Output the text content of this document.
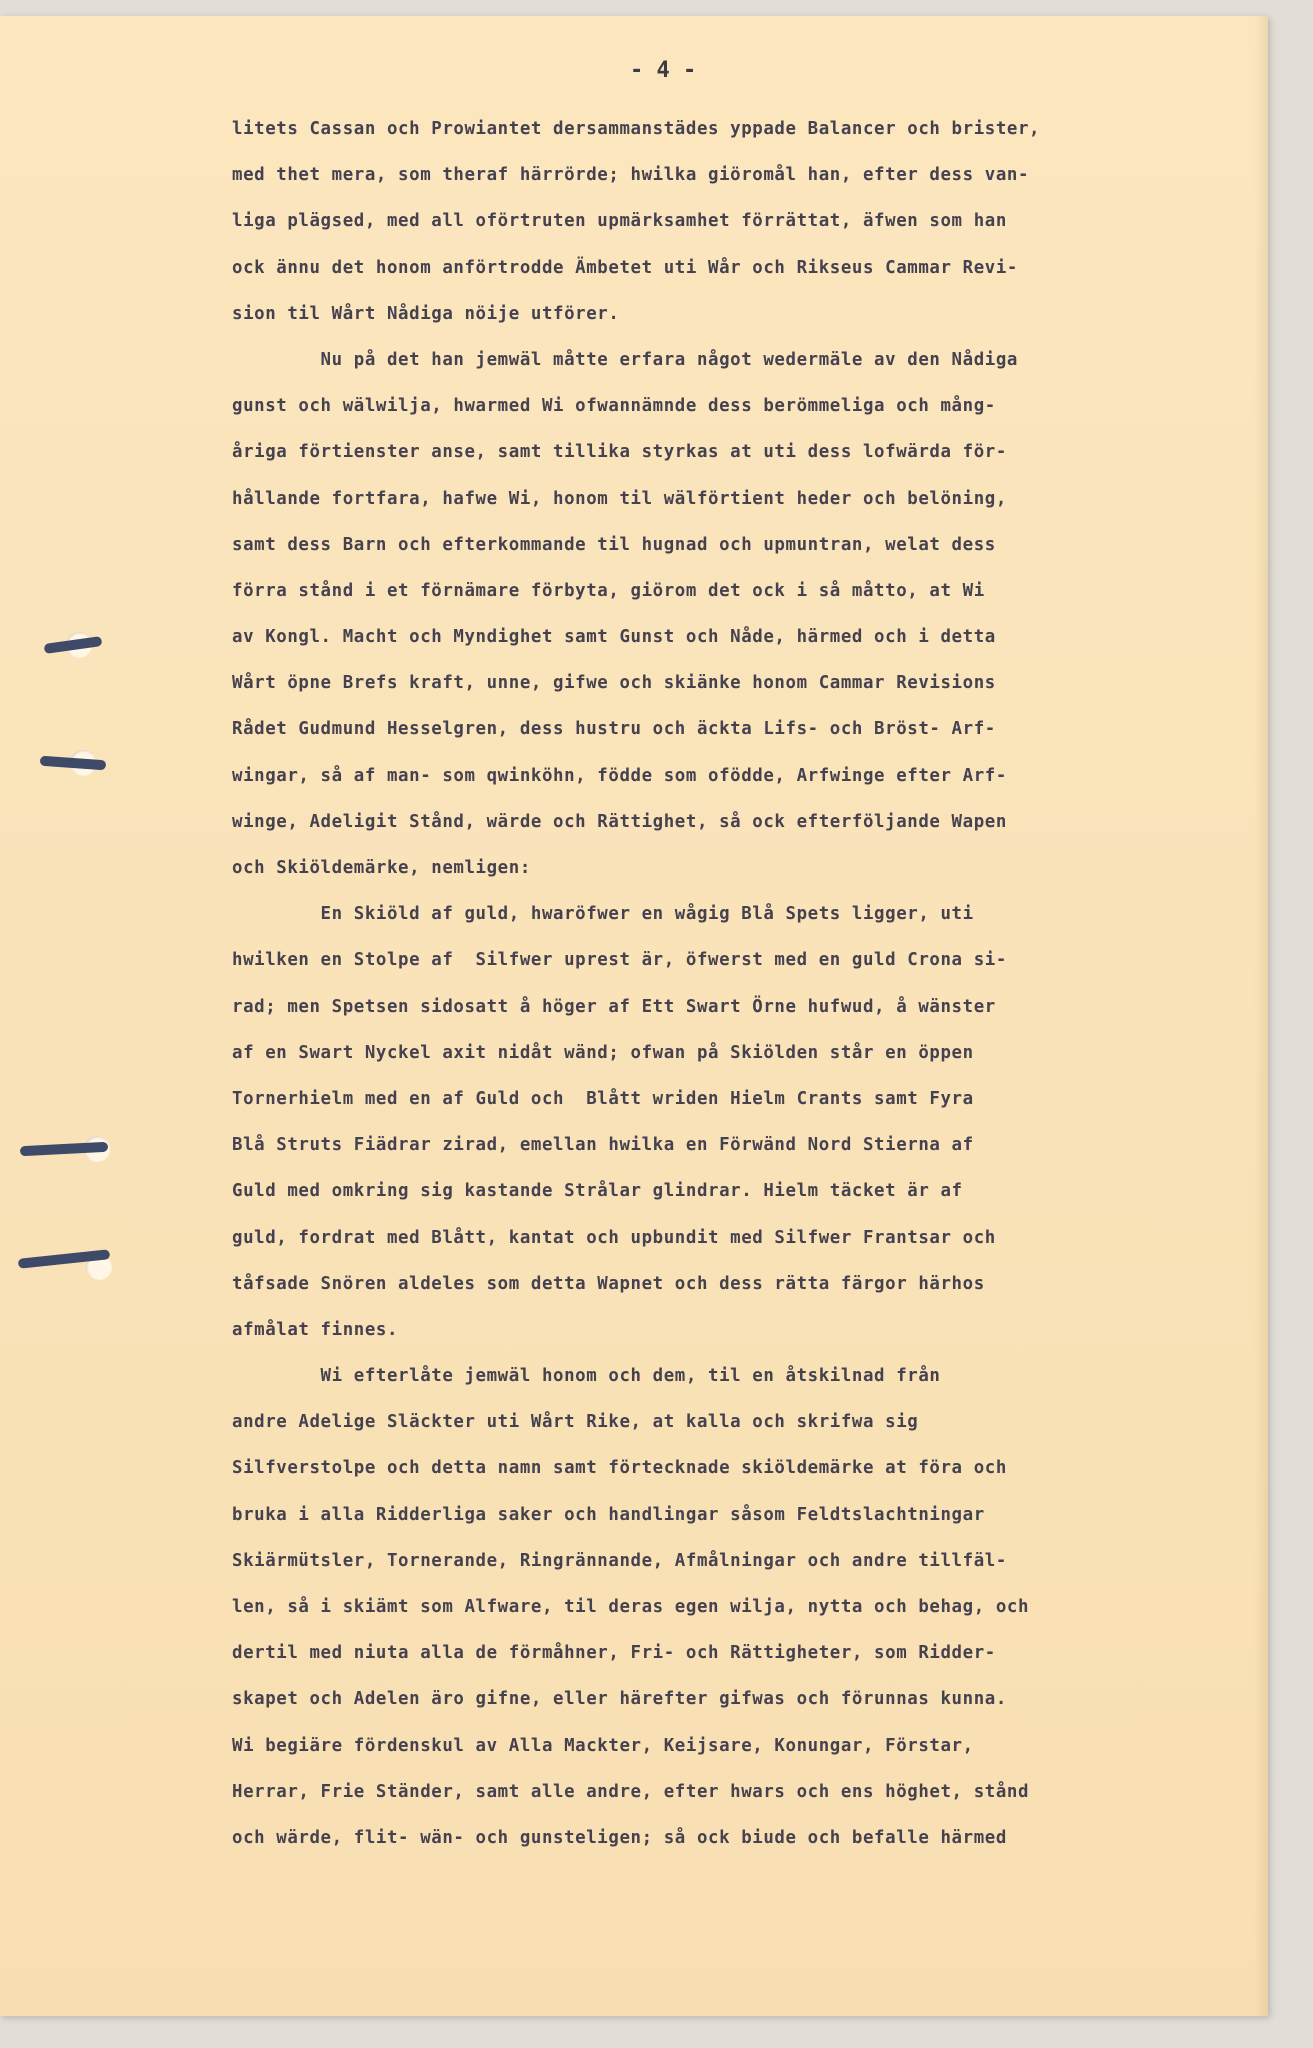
- 4 -
litets Cassan och Prowiantet dersammanstädes yppade Balancer och brister,
med thet mera, som theraf härrörde; hwilka giöromål han, efter dess van-
liga plägsed, med all oförtruten upmärksamhet förrättat, äfwen som han
ock ännu det honom anförtrodde Ämbetet uti Wår och Rikseus Cammar Revi-
sion til Wårt Nådiga nöije utförer.
Nu på det han jemwäl måtte erfara något wedermäle av den Nådiga
gunst och wälwilja, hwarmed Wi ofwannämnde dess berömmeliga och mång-
åriga förtienster anse, samt tillika styrkas at uti dess lofwärda för-
hållande fortfara, hafwe Wi, honom til wälförtient heder och belöning,
samt dess Barn och efterkommande til hugnad och upmuntran, welat dess
förra stånd i et förnämare förbyta, giörom det ock i så måtto, at Wi
av Kongl. Macht och Myndighet samt Gunst och Nåde, härmed och i detta
Wårt öpne Brefs kraft, unne, gifwe och skiänke honom Cammar Revisions
Rådet Gudmund Hesselgren, dess hustru och äckta Lifs- och Bröst- Arf-
wingar, så af man- som qwinköhn, födde som ofödde, Arfwinge efter Arf-
winge, Adeligit Stånd, wärde och Rättighet, så ock efterföljande Wapen
och Skiöldemärke, nemligen:
En Skiöld af guld, hwaröfwer en wågig Blå Spets ligger, uti
hwilken en Stolpe af  Silfwer uprest är, öfwerst med en guld Crona si-
rad; men Spetsen sidosatt å höger af Ett Swart Örne hufwud, å wänster
af en Swart Nyckel axit nidåt wänd; ofwan på Skiölden står en öppen
Tornerhielm med en af Guld och  Blått wriden Hielm Crants samt Fyra
Blå Struts Fiädrar zirad, emellan hwilka en Förwänd Nord Stierna af
Guld med omkring sig kastande Strålar glindrar. Hielm täcket är af
guld, fordrat med Blått, kantat och upbundit med Silfwer Frantsar och
tåfsade Snören aldeles som detta Wapnet och dess rätta färgor härhos
afmålat finnes.
Wi efterlåte jemwäl honom och dem, til en åtskilnad från
andre Adelige Släckter uti Wårt Rike, at kalla och skrifwa sig
Silfverstolpe och detta namn samt förtecknade skiöldemärke at föra och
bruka i alla Ridderliga saker och handlingar såsom Feldtslachtningar
Skiärmütsler, Tornerande, Ringrännande, Afmålningar och andre tillfäl-
len, så i skiämt som Alfware, til deras egen wilja, nytta och behag, och
dertil med niuta alla de förmåhner, Fri- och Rättigheter, som Ridder-
skapet och Adelen äro gifne, eller härefter gifwas och förunnas kunna.
Wi begiäre fördenskul av Alla Mackter, Keijsare, Konungar, Förstar,
Herrar, Frie Ständer, samt alle andre, efter hwars och ens höghet, stånd
och wärde, flit- wän- och gunsteligen; så ock biude och befalle härmed
